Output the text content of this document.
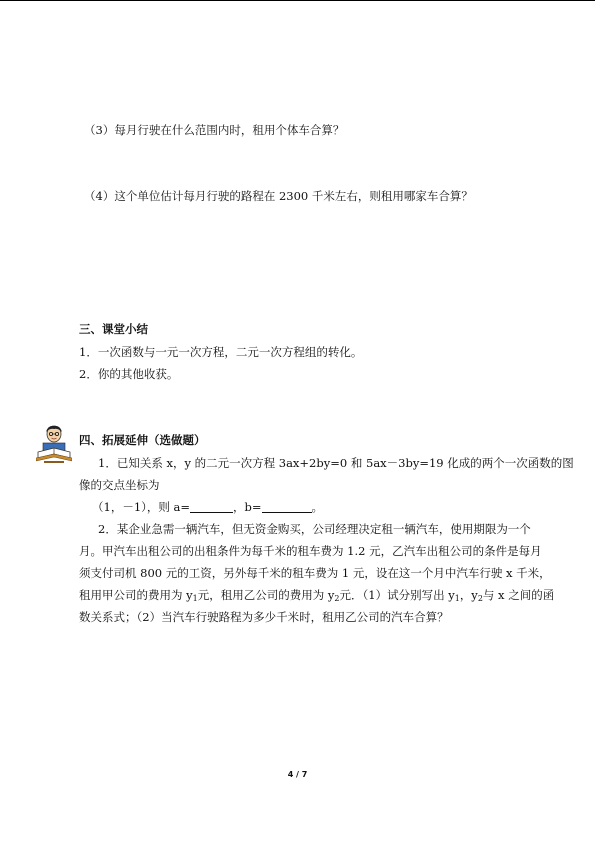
（3）每月行驶在什么范围内时，租用个体车合算？
（4）这个单位估计每月行驶的路程在 2300 千米左右，则租用哪家车合算？
三、课堂小结
1．一次函数与一元一次方程，二元一次方程组的转化。
2．你的其他收获。
四、拓展延伸（选做题）
1．已知关系 x，y 的二元一次方程 3ax+2by=0 和 5ax－3by=19 化成的两个一次函数的图
像的交点坐标为
（1，－1），则 a=	，b=	。
2．某企业急需一辆汽车，但无资金购买，公司经理决定租一辆汽车，使用期限为一个
月。甲汽车出租公司的出租条件为每千米的租车费为 1.2 元，乙汽车出租公司的条件是每月
须支付司机 800 元的工资，另外每千米的租车费为 1 元，设在这一个月中汽车行驶 x 千米，
租用甲公司的费用为 $y_1$元，租用乙公司的费用为 $y_2$元．（1）试分别写出 $y_1$，$y_2$与 x 之间的函
数关系式；（2）当汽车行驶路程为多少千米时，租用乙公司的汽车合算？
4 / 7
